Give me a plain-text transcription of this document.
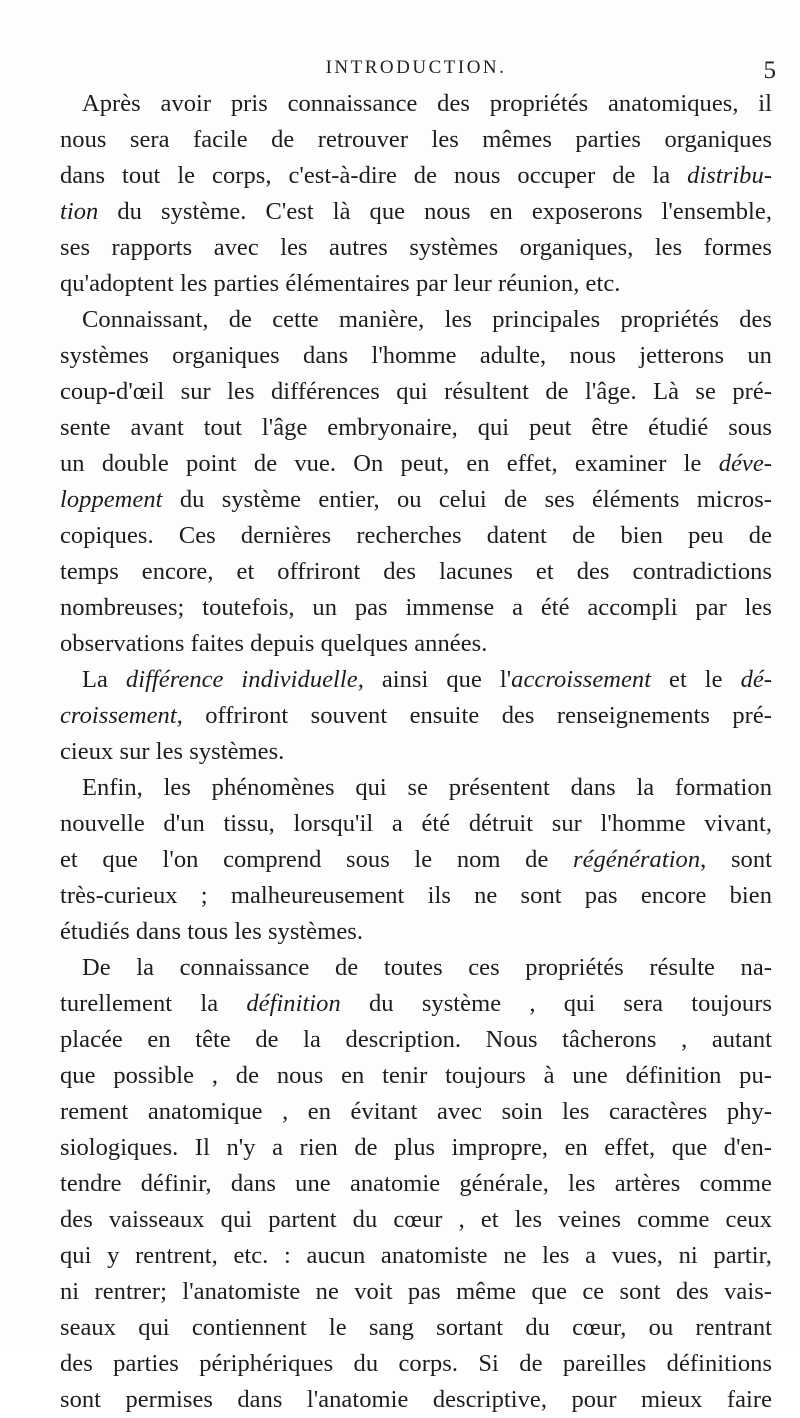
INTRODUCTION.	5
Après avoir pris connaissance des propriétés anatomiques, il
nous sera facile de retrouver les mêmes parties organiques
dans tout le corps, c'est-à-dire de nous occuper de la distribu-
tion du système. C'est là que nous en exposerons l'ensemble,
ses rapports avec les autres systèmes organiques, les formes
qu'adoptent les parties élémentaires par leur réunion, etc.
Connaissant, de cette manière, les principales propriétés des
systèmes organiques dans l'homme adulte, nous jetterons un
coup-d'œil sur les différences qui résultent de l'âge. Là se pré-
sente avant tout l'âge embryonaire, qui peut être étudié sous
un double point de vue. On peut, en effet, examiner le déve-
loppement du système entier, ou celui de ses éléments micros-
copiques. Ces dernières recherches datent de bien peu de
temps encore, et offriront des lacunes et des contradictions
nombreuses; toutefois, un pas immense a été accompli par les
observations faites depuis quelques années.
La différence individuelle, ainsi que l'accroissement et le dé-
croissement, offriront souvent ensuite des renseignements pré-
cieux sur les systèmes.
Enfin, les phénomènes qui se présentent dans la formation
nouvelle d'un tissu, lorsqu'il a été détruit sur l'homme vivant,
et que l'on comprend sous le nom de régénération, sont
très-curieux ; malheureusement ils ne sont pas encore bien
étudiés dans tous les systèmes.
De la connaissance de toutes ces propriétés résulte na-
turellement la définition du système , qui sera toujours
placée en tête de la description. Nous tâcherons , autant
que possible , de nous en tenir toujours à une définition pu-
rement anatomique , en évitant avec soin les caractères phy-
siologiques. Il n'y a rien de plus impropre, en effet, que d'en-
tendre définir, dans une anatomie générale, les artères comme
des vaisseaux qui partent du cœur , et les veines comme ceux
qui y rentrent, etc. : aucun anatomiste ne les a vues, ni partir,
ni rentrer; l'anatomiste ne voit pas même que ce sont des vais-
seaux qui contiennent le sang sortant du cœur, ou rentrant
des parties périphériques du corps. Si de pareilles définitions
sont permises dans l'anatomie descriptive, pour mieux faire
